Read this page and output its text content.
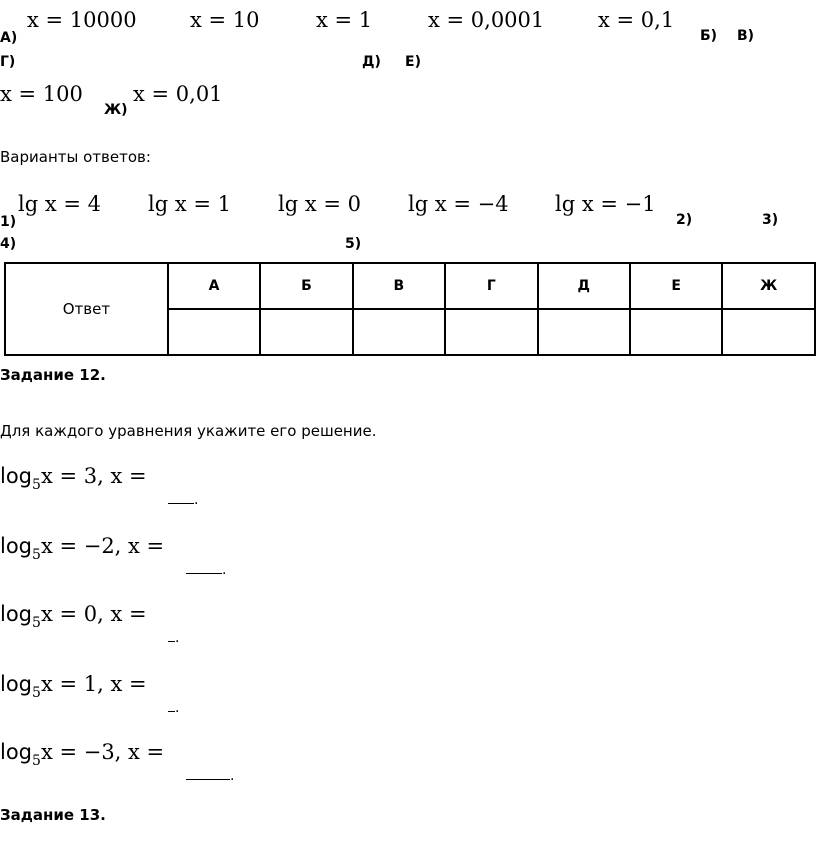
x = 10000	x = 10	x = 1	x = 0,0001	x = 0,1
А)	Б) В)
Г)	Д) Е)
x = 100
Ж)
x = 0,01
Варианты ответов:
lg x = 4 lg x = 1 lg x = 0 lg x = −4 lg x = −1
1)	2)	3)
4)	5)
Ответ	А	Б	В	Г	Д	Е	Ж

Задание 12.
Для каждого уравнения укажите его решение.
$\log_5x = 3$, x =
.
$\log_5x = -2$, x =
.
$\log_5x = 0$, x =
.
$\log_5x = 1$, x =
.
$\log_5x = -3$, x =
.
Задание 13.
